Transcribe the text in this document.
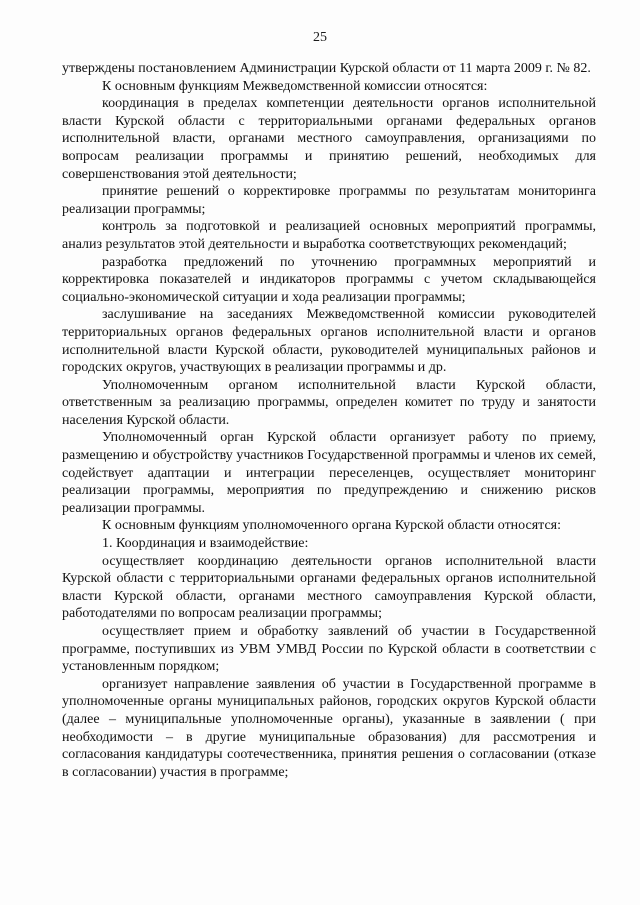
25

утверждены постановлением Администрации Курской области от 11 марта 2009 г. № 82.

К основным функциям Межведомственной комиссии относятся:

координация в пределах компетенции деятельности органов исполнительной власти Курской области с территориальными органами федеральных органов исполнительной власти, органами местного самоуправления, организациями по вопросам реализации программы и принятию решений, необходимых для совершенствования этой деятельности;

принятие решений о корректировке программы по результатам мониторинга реализации программы;

контроль за подготовкой и реализацией основных мероприятий программы, анализ результатов этой деятельности и выработка соответствующих рекомендаций;

разработка предложений по уточнению программных мероприятий и корректировка показателей и индикаторов программы с учетом складывающейся социально-экономической ситуации и хода реализации программы;

заслушивание на заседаниях Межведомственной комиссии руководителей территориальных органов федеральных органов исполнительной власти и органов исполнительной власти Курской области, руководителей муниципальных районов и городских округов, участвующих в реализации программы и др.

Уполномоченным органом исполнительной власти Курской области, ответственным за реализацию программы, определен комитет по труду и занятости населения Курской области.

Уполномоченный орган Курской области организует работу по приему, размещению и обустройству участников Государственной программы и членов их семей, содействует адаптации и интеграции переселенцев, осуществляет мониторинг реализации программы, мероприятия по предупреждению и снижению рисков реализации программы.

К основным функциям уполномоченного органа Курской области относятся:

1. Координация и взаимодействие:

осуществляет координацию деятельности органов исполнительной власти Курской области с территориальными органами федеральных органов исполнительной власти Курской области, органами местного самоуправления Курской области, работодателями по вопросам реализации программы;

осуществляет прием и обработку заявлений об участии в Государственной программе, поступивших из УВМ УМВД России по Курской области в соответствии с установленным порядком;

организует направление заявления об участии в Государственной программе в уполномоченные органы муниципальных районов, городских округов Курской области (далее – муниципальные уполномоченные органы), указанные в заявлении ( при необходимости – в другие муниципальные образования) для рассмотрения и согласования кандидатуры соотечественника, принятия решения о согласовании (отказе в согласовании) участия в программе;
